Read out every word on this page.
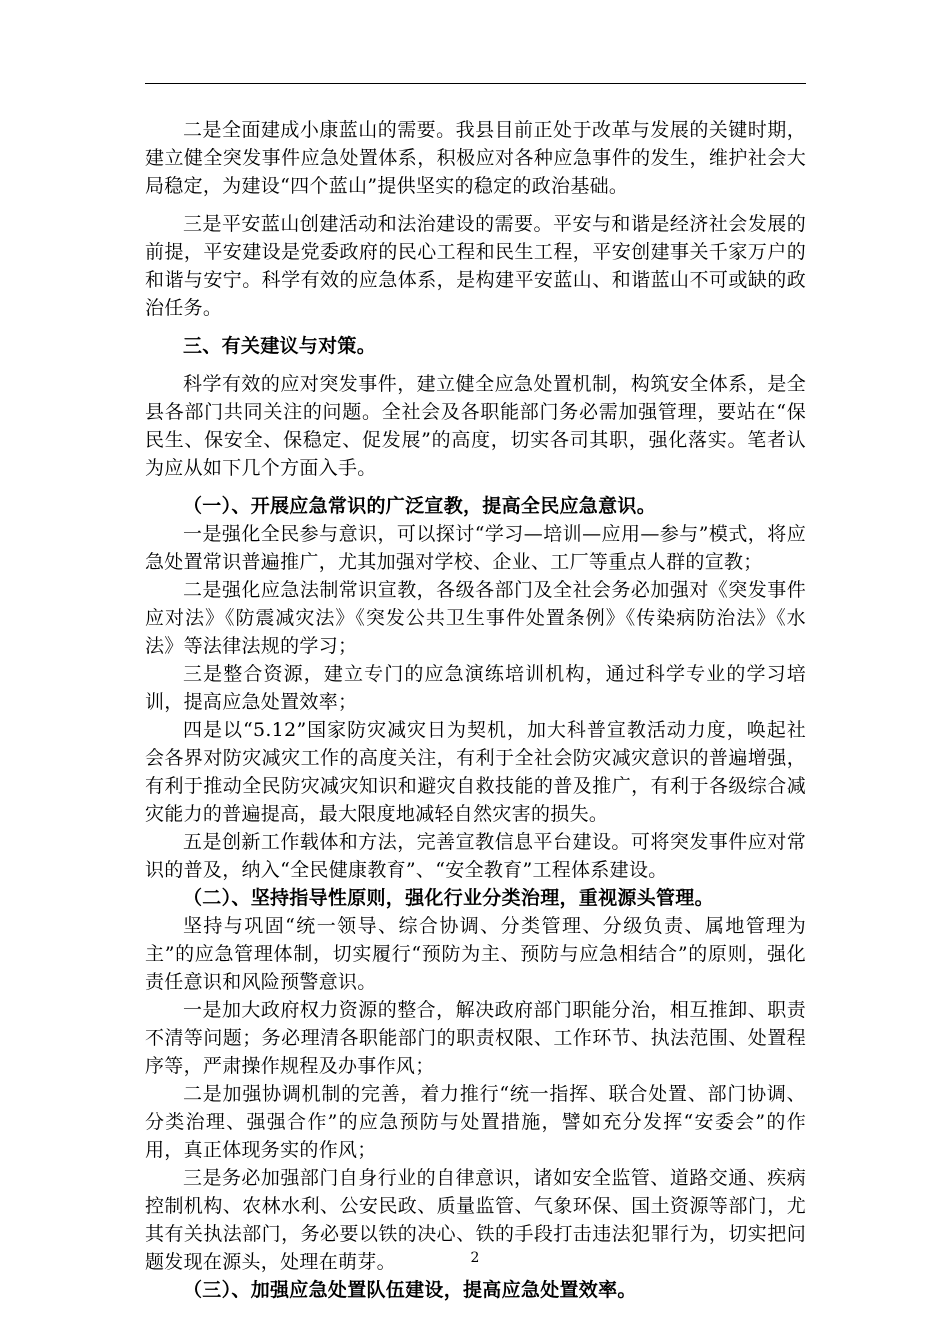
二是全面建成小康蓝山的需要。我县目前正处于改革与发展的关键时期，建立健全突发事件应急处置体系，积极应对各种应急事件的发生，维护社会大局稳定，为建设“四个蓝山”提供坚实的稳定的政治基础。

三是平安蓝山创建活动和法治建设的需要。平安与和谐是经济社会发展的前提，平安建设是党委政府的民心工程和民生工程，平安创建事关千家万户的和谐与安宁。科学有效的应急体系，是构建平安蓝山、和谐蓝山不可或缺的政治任务。

三、有关建议与对策。

科学有效的应对突发事件，建立健全应急处置机制，构筑安全体系，是全县各部门共同关注的问题。全社会及各职能部门务必需加强管理，要站在“保民生、保安全、保稳定、促发展”的高度，切实各司其职，强化落实。笔者认为应从如下几个方面入手。

（一）、开展应急常识的广泛宣教，提高全民应急意识。

一是强化全民参与意识，可以探讨“学习—培训—应用—参与”模式，将应急处置常识普遍推广，尤其加强对学校、企业、工厂等重点人群的宣教；

二是强化应急法制常识宣教，各级各部门及全社会务必加强对《突发事件应对法》《防震减灾法》《突发公共卫生事件处置条例》《传染病防治法》《水法》等法律法规的学习；

三是整合资源，建立专门的应急演练培训机构，通过科学专业的学习培训，提高应急处置效率；

四是以“5.12”国家防灾减灾日为契机，加大科普宣教活动力度，唤起社会各界对防灾减灾工作的高度关注，有利于全社会防灾减灾意识的普遍增强，有利于推动全民防灾减灾知识和避灾自救技能的普及推广，有利于各级综合减灾能力的普遍提高，最大限度地减轻自然灾害的损失。

五是创新工作载体和方法，完善宣教信息平台建设。可将突发事件应对常识的普及，纳入“全民健康教育”、“安全教育”工程体系建设。

（二）、坚持指导性原则，强化行业分类治理，重视源头管理。

坚持与巩固“统一领导、综合协调、分类管理、分级负责、属地管理为主”的应急管理体制，切实履行“预防为主、预防与应急相结合”的原则，强化责任意识和风险预警意识。

一是加大政府权力资源的整合，解决政府部门职能分治，相互推卸、职责不清等问题；务必理清各职能部门的职责权限、工作环节、执法范围、处置程序等，严肃操作规程及办事作风；

二是加强协调机制的完善，着力推行“统一指挥、联合处置、部门协调、分类治理、强强合作”的应急预防与处置措施，譬如充分发挥“安委会”的作用，真正体现务实的作风；

三是务必加强部门自身行业的自律意识，诸如安全监管、道路交通、疾病控制机构、农林水利、公安民政、质量监管、气象环保、国土资源等部门，尤其有关执法部门，务必要以铁的决心、铁的手段打击违法犯罪行为，切实把问题发现在源头，处理在萌芽。

（三）、加强应急处置队伍建设，提高应急处置效率。

2
